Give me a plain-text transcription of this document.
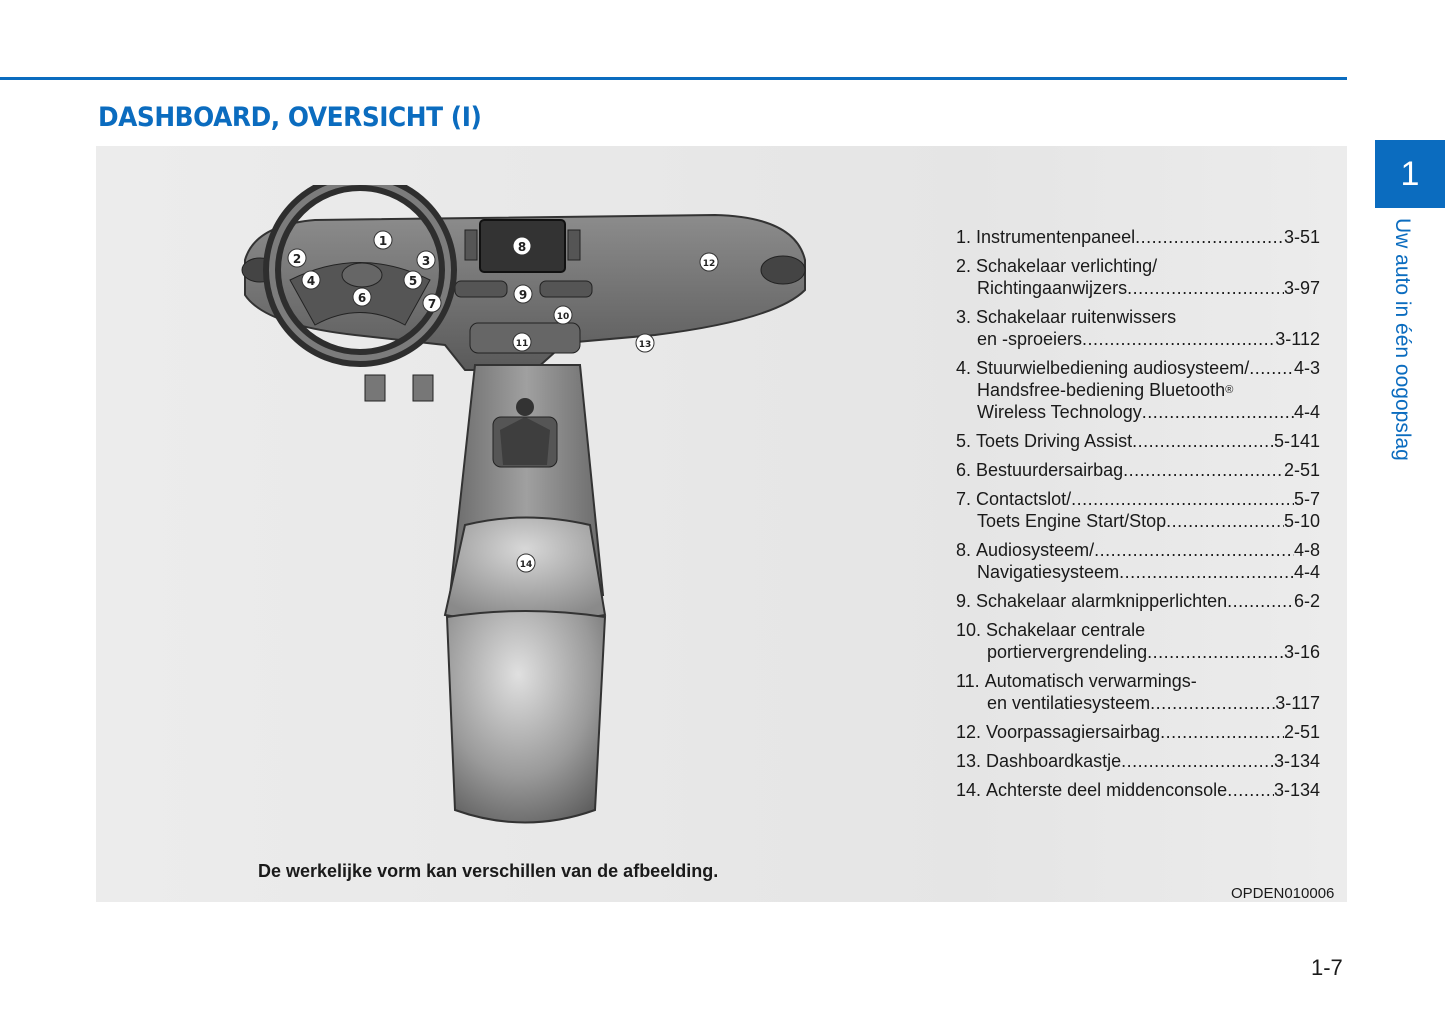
DASHBOARD, OVERSICHT (I)
1
Uw auto in één oogopslag
1
2	3
4	5
6	7
8
9
10
11
12
13
14
1.
Instrumentenpaneel .....	3-51
2.
Schakelaar verlichting/
Richtingaanwijzers .....	3-97
3.
Schakelaar ruitenwissers
en -sproeiers .....	3-112
4.
Stuurwielbediening audiosysteem/ ..... 4-3
Handsfree-bediening Bluetooth ®
Wireless Technology .....	4-4
5.
Toets Driving Assist .....	5-141
6.
Bestuurdersairbag .....	2-51
7.
Contactslot/ .....	5-7
Toets Engine Start/Stop .....	5-10
8.
Audiosysteem/ .....	4-8
Navigatiesysteem .....	4-4
9.
Schakelaar alarmknipperlichten .....	6-2
10.
Schakelaar centrale
portiervergrendeling .....	3-16
11.
Automatisch verwarmings-
en ventilatiesysteem .....	3-117
12.
Voorpassagiersairbag .....	2-51
13.
Dashboardkastje .....	3-134
14.
Achterste deel middenconsole .....	3-134
De werkelijke vorm kan verschillen van de afbeelding.
OPDEN010006
1-7
